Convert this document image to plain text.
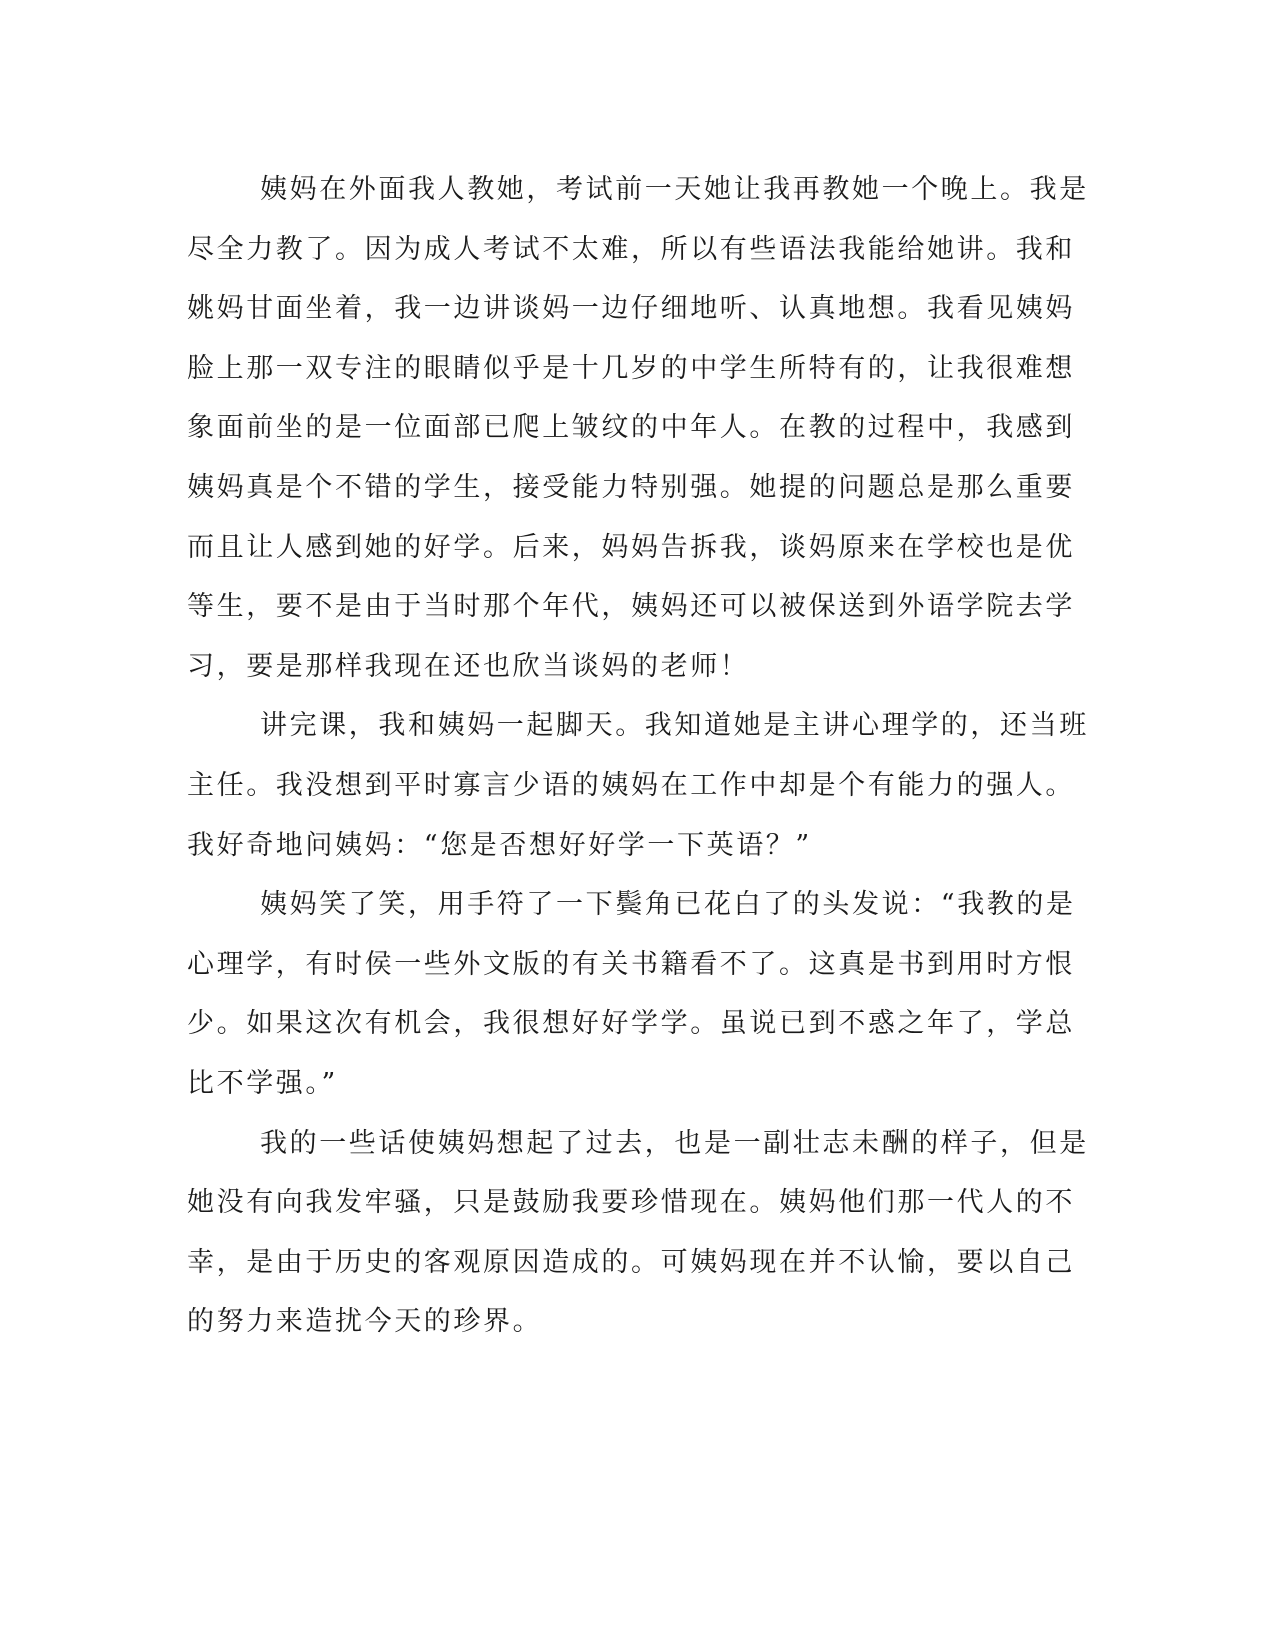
姨妈在外面我人教她，考试前一天她让我再教她一个晚上。我是
尽全力教了。因为成人考试不太难，所以有些语法我能给她讲。我和
姚妈甘面坐着，我一边讲谈妈一边仔细地听、认真地想。我看见姨妈
脸上那一双专注的眼睛似乎是十几岁的中学生所特有的，让我很难想
象面前坐的是一位面部已爬上皱纹的中年人。在教的过程中，我感到
姨妈真是个不错的学生，接受能力特别强。她提的问题总是那么重要
而且让人感到她的好学。后来，妈妈告拆我，谈妈原来在学校也是优
等生，要不是由于当时那个年代，姨妈还可以被保送到外语学院去学
习，要是那样我现在还也欣当谈妈的老师！
讲完课，我和姨妈一起脚天。我知道她是主讲心理学的，还当班
主任。我没想到平时寡言少语的姨妈在工作中却是个有能力的强人。
我好奇地问姨妈：“您是否想好好学一下英语？”
姨妈笑了笑，用手符了一下鬓角已花白了的头发说：“我教的是
心理学，有时侯一些外文版的有关书籍看不了。这真是书到用时方恨
少。如果这次有机会，我很想好好学学。虽说已到不惑之年了，学总
比不学强。”
我的一些话使姨妈想起了过去，也是一副壮志未酬的样子，但是
她没有向我发牢骚，只是鼓励我要珍惜现在。姨妈他们那一代人的不
幸，是由于历史的客观原因造成的。可姨妈现在并不认愉，要以自己
的努力来造扰今天的珍界。
